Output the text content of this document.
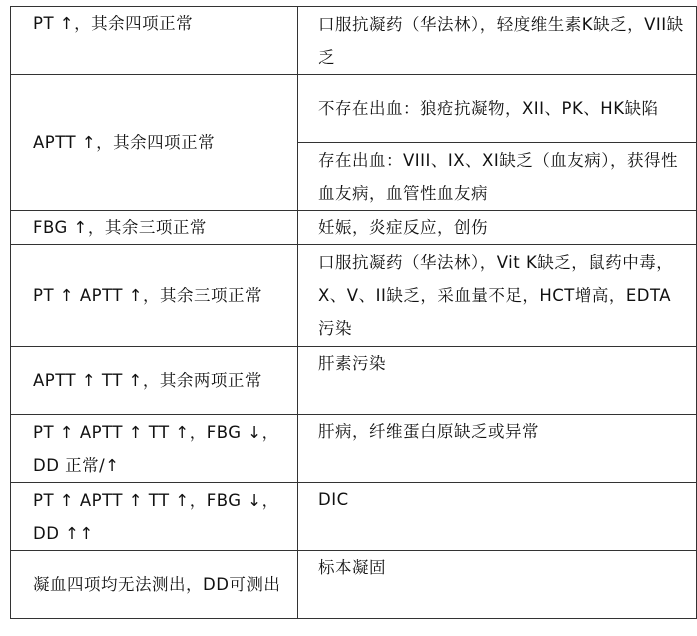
PT ↑，其余四项正常	口服抗凝药（华法林），轻度维生素K缺乏，VII缺乏
APTT ↑，其余四项正常	不存在出血：狼疮抗凝物，XII、PK、HK缺陷
	存在出血：VIII、IX、XI缺乏（血友病），获得性血友病，血管性血友病
FBG ↑，其余三项正常	妊娠，炎症反应，创伤
PT ↑ APTT ↑，其余三项正常	口服抗凝药（华法林），Vit K缺乏，鼠药中毒，X、V、II缺乏，采血量不足，HCT增高，EDTA污染
APTT ↑ TT ↑，其余两项正常	肝素污染
PT ↑ APTT ↑ TT ↑，FBG ↓，DD 正常/↑	肝病，纤维蛋白原缺乏或异常
PT ↑ APTT ↑ TT ↑，FBG ↓，DD ↑↑	DIC
凝血四项均无法测出，DD可测出	标本凝固
